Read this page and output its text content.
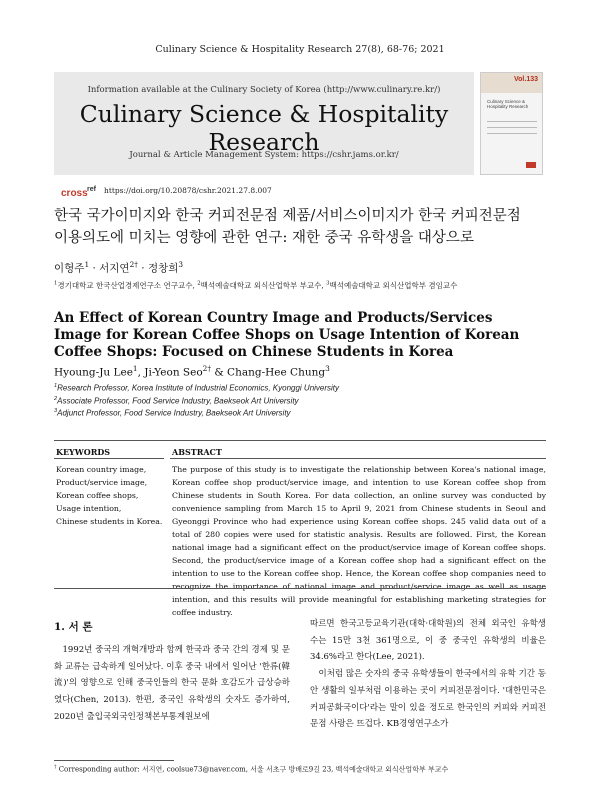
Culinary Science & Hospitality Research 27(8), 68-76; 2021
Information available at the Culinary Society of Korea (http://www.culinary.re.kr/)
Culinary Science & Hospitality Research
Journal & Article Management System: https://cshr.jams.or.kr/
Vol.133
Culinary Science & Hospitality Research
cross ref https://doi.org/10.20878/cshr.2021.27.8.007
한국 국가이미지와 한국 커피전문점 제품/서비스이미지가 한국 커피전문점
이용의도에 미치는 영향에 관한 연구: 재한 중국 유학생을 대상으로
이형주$^1$ · 서지연$^{2\dagger}$ · 정창희$^3$
$^1$경기대학교 한국산업경제연구소 연구교수, $^2$백석예술대학교 외식산업학부 부교수, $^3$백석예술대학교 외식산업학부 겸임교수
An Effect of Korean Country Image and Products/Services Image for Korean Coffee Shops on Usage Intention of Korean Coffee Shops: Focused on Chinese Students in Korea
Hyoung-Ju Lee$^1$, Ji-Yeon Seo$^{2\dagger}$ & Chang-Hee Chung$^3$
$^1$Research Professor, Korea Institute of Industrial Economics, Kyonggi University
$^2$Associate Professor, Food Service Industry, Baekseok Art University
$^3$Adjunct Professor, Food Service Industry, Baekseok Art University
KEYWORDS	ABSTRACT
Korean country image,
Product/service image,
Korean coffee shops,
Usage intention,
Chinese students in Korea.
The purpose of this study is to investigate the relationship between Korea's national image, Korean coffee shop product/service image, and intention to use Korean coffee shop from Chinese students in South Korea. For data collection, an online survey was conducted by convenience sampling from March 15 to April 9, 2021 from Chinese students in Seoul and Gyeonggi Province who had experience using Korean coffee shops. 245 valid data out of a total of 280 copies were used for statistic analysis. Results are followed. First, the Korean national image had a significant effect on the product/service image of Korean coffee shops. Second, the product/service image of a Korean coffee shop had a significant effect on the intention to use to the Korean coffee shop. Hence, the Korean coffee shop companies need to recognize the importance of national image and product/service image as well as usage intention, and this results will provide meaningful for establishing marketing strategies for coffee industry.
1. 서 론
1992년 중국의 개혁개방과 함께 한국과 중국 간의 경제 및 문화 교류는 급속하게 일어났다. 이후 중국 내에서 일어난 '한류(韓流)'의 영향으로 인해 중국인들의 한국 문화 호감도가 급상승하였다(Chen, 2013). 한편, 중국인 유학생의 숫자도 증가하여, 2020년 출입국외국인정책본부통계원보에
따르면 한국고등교육기관(대학·대학원)의 전체 외국인 유학생 수는 15만 3천 361명으로, 이 중 중국인 유학생의 비율은 34.6%라고 한다(Lee, 2021).
이처럼 많은 숫자의 중국 유학생들이 한국에서의 유학 기간 동안 생활의 일부처럼 이용하는 곳이 커피전문점이다. '대한민국은 커피공화국이다'라는 말이 있을 정도로 한국인의 커피와 커피전문점 사랑은 뜨겁다. KB경영연구소가
† Corresponding author: 서지연, coolsue73@naver.com, 서울 서초구 방배로9길 23, 백석예술대학교 외식산업학부 부교수
